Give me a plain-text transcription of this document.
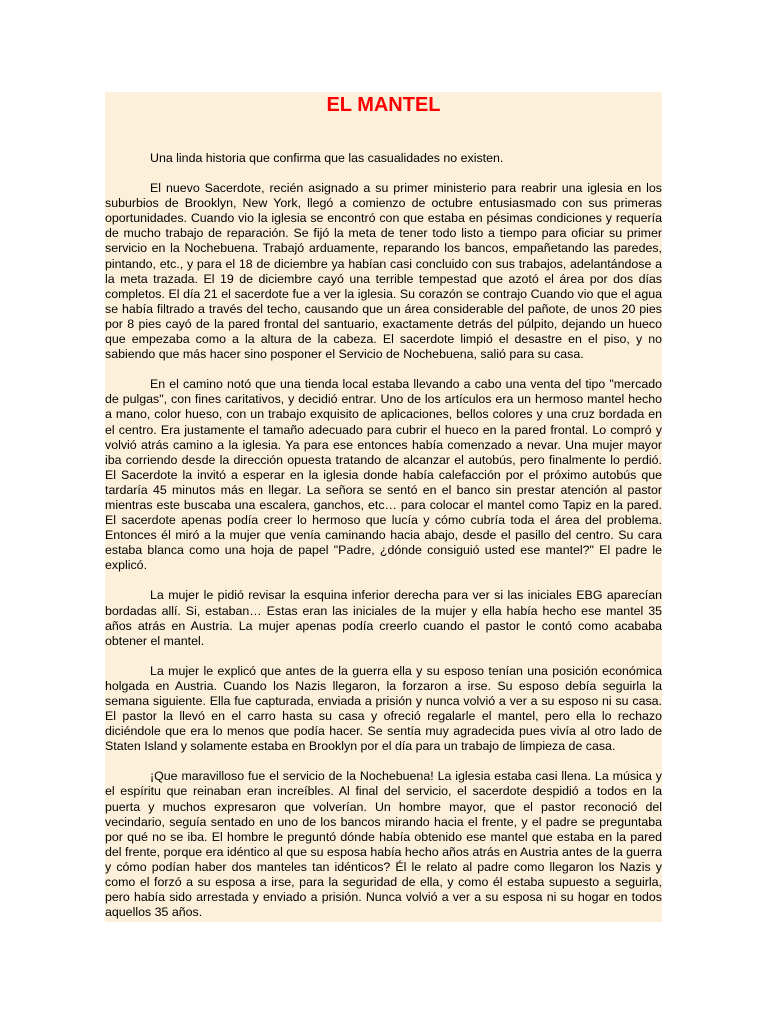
EL MANTEL

Una linda historia que confirma que las casualidades no existen.

El nuevo Sacerdote, recién asignado a su primer ministerio para reabrir una iglesia en los suburbios de Brooklyn, New York, llegó a comienzo de octubre entusiasmado con sus primeras oportunidades. Cuando vio la iglesia se encontró con que estaba en pésimas condiciones y requería de mucho trabajo de reparación. Se fijó la meta de tener todo listo a tiempo para oficiar su primer servicio en la Nochebuena. Trabajó arduamente, reparando los bancos, empañetando las paredes, pintando, etc., y para el 18 de diciembre ya habían casi concluido con sus trabajos, adelantándose a la meta trazada. El 19 de diciembre cayó una terrible tempestad que azotó el área por dos días completos. El día 21 el sacerdote fue a ver la iglesia. Su corazón se contrajo Cuando vio que el agua se había filtrado a través del techo, causando que un área considerable del pañote, de unos 20 pies por 8 pies cayó de la pared frontal del santuario, exactamente detrás del púlpito, dejando un hueco que empezaba como a la altura de la cabeza. El sacerdote limpió el desastre en el piso, y no sabiendo que más hacer sino posponer el Servicio de Nochebuena, salió para su casa.

En el camino notó que una tienda local estaba llevando a cabo una venta del tipo "mercado de pulgas", con fines caritativos, y decidió entrar. Uno de los artículos era un hermoso mantel hecho a mano, color hueso, con un trabajo exquisito de aplicaciones, bellos colores y una cruz bordada en el centro. Era justamente el tamaño adecuado para cubrir el hueco en la pared frontal. Lo compró y volvió atrás camino a la iglesia. Ya para ese entonces había comenzado a nevar. Una mujer mayor iba corriendo desde la dirección opuesta tratando de alcanzar el autobús, pero finalmente lo perdió. El Sacerdote la invitó a esperar en la iglesia donde había calefacción por el próximo autobús que tardaría 45 minutos más en llegar. La señora se sentó en el banco sin prestar atención al pastor mientras este buscaba una escalera, ganchos, etc… para colocar el mantel como Tapiz en la pared. El sacerdote apenas podía creer lo hermoso que lucía y cómo cubría toda el área del problema. Entonces él miró a la mujer que venía caminando hacia abajo, desde el pasillo del centro. Su cara estaba blanca como una hoja de papel "Padre, ¿dónde consiguió usted ese mantel?" El padre le explicó.

La mujer le pidió revisar la esquina inferior derecha para ver si las iniciales EBG aparecían bordadas allí. Si, estaban… Estas eran las iniciales de la mujer y ella había hecho ese mantel 35 años atrás en Austria. La mujer apenas podía creerlo cuando el pastor le contó como acababa obtener el mantel.

La mujer le explicó que antes de la guerra ella y su esposo tenían una posición económica holgada en Austria. Cuando los Nazis llegaron, la forzaron a irse. Su esposo debía seguirla la semana siguiente. Ella fue capturada, enviada a prisión y nunca volvió a ver a su esposo ni su casa. El pastor la llevó en el carro hasta su casa y ofreció regalarle el mantel, pero ella lo rechazo diciéndole que era lo menos que podía hacer. Se sentía muy agradecida pues vivía al otro lado de Staten Island y solamente estaba en Brooklyn por el día para un trabajo de limpieza de casa.

¡Que maravilloso fue el servicio de la Nochebuena! La iglesia estaba casi llena. La música y el espíritu que reinaban eran increíbles. Al final del servicio, el sacerdote despidió a todos en la puerta y muchos expresaron que volverían. Un hombre mayor, que el pastor reconoció del vecindario, seguía sentado en uno de los bancos mirando hacia el frente, y el padre se preguntaba por qué no se iba. El hombre le preguntó dónde había obtenido ese mantel que estaba en la pared del frente, porque era idéntico al que su esposa había hecho años atrás en Austria antes de la guerra y cómo podían haber dos manteles tan idénticos? Él le relato al padre como llegaron los Nazis y como el forzó a su esposa a irse, para la seguridad de ella, y como él estaba supuesto a seguirla, pero había sido arrestada y enviado a prisión. Nunca volvió a ver a su esposa ni su hogar en todos aquellos 35 años.
